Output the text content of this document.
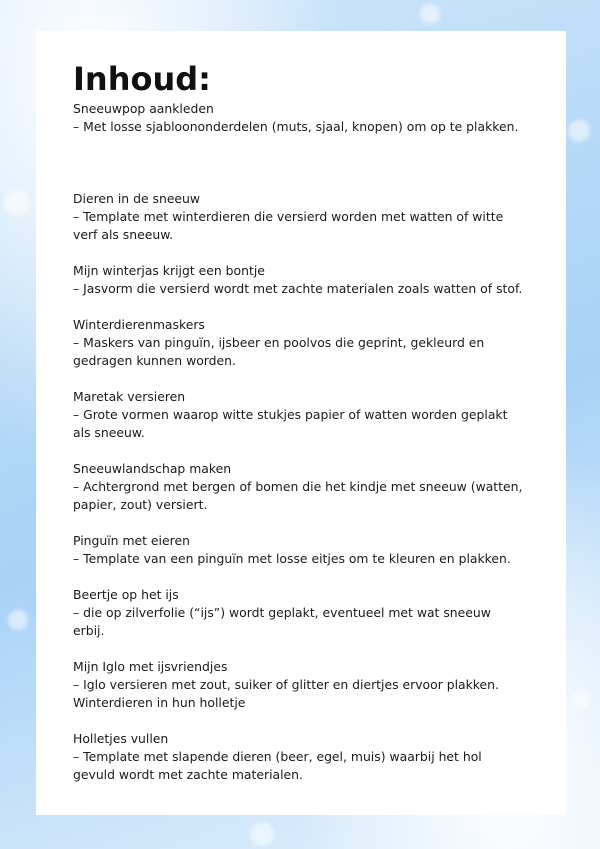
Inhoud:

Sneeuwpop aankleden

– Met losse sjabloononderdelen (muts, sjaal, knopen) om op te plakken.

Dieren in de sneeuw

– Template met winterdieren die versierd worden met watten of witte verf als sneeuw.

Mijn winterjas krijgt een bontje

– Jasvorm die versierd wordt met zachte materialen zoals watten of stof.

Winterdierenmaskers

– Maskers van pinguïn, ijsbeer en poolvos die geprint, gekleurd en gedragen kunnen worden.

Maretak versieren

– Grote vormen waarop witte stukjes papier of watten worden geplakt als sneeuw.

Sneeuwlandschap maken

– Achtergrond met bergen of bomen die het kindje met sneeuw (watten, papier, zout) versiert.

Pinguïn met eieren

– Template van een pinguïn met losse eitjes om te kleuren en plakken.

Beertje op het ijs

– die op zilverfolie (“ijs”) wordt geplakt, eventueel met wat sneeuw erbij.

Mijn Iglo met ijsvriendjes

– Iglo versieren met zout, suiker of glitter en diertjes ervoor plakken.

Winterdieren in hun holletje

Holletjes vullen

– Template met slapende dieren (beer, egel, muis) waarbij het hol gevuld wordt met zachte materialen.
